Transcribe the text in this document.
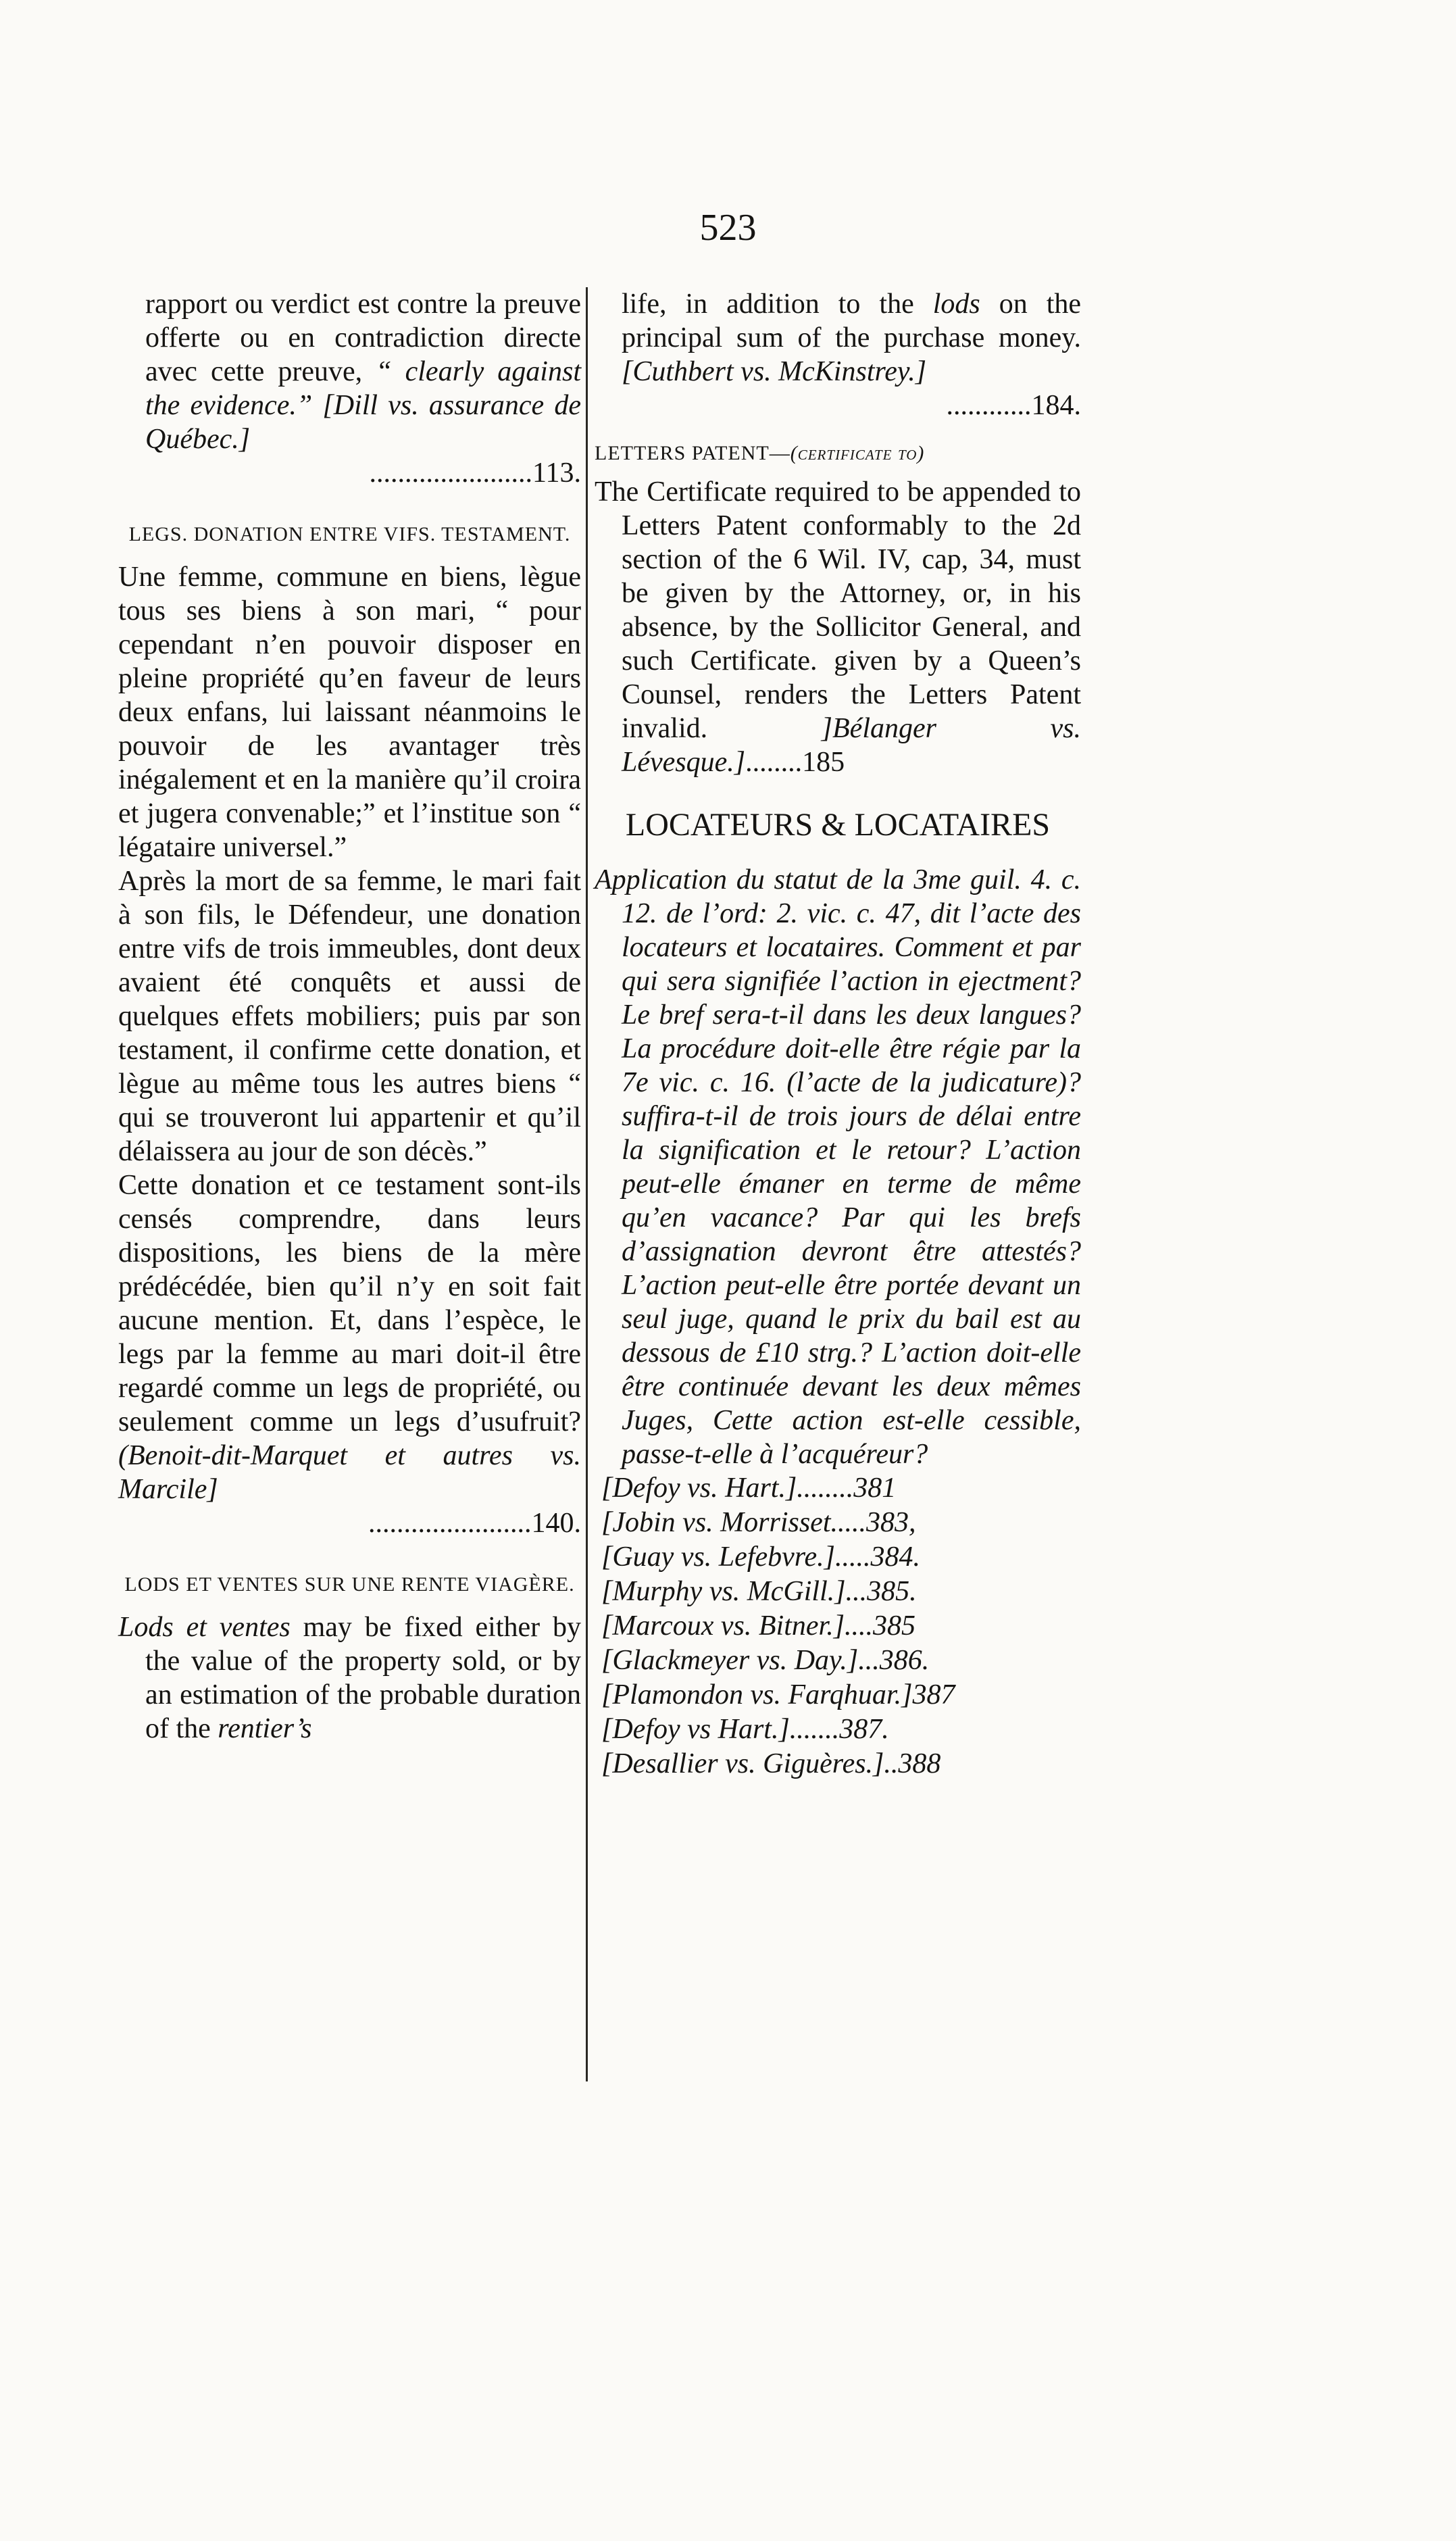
523

rapport ou verdict est contre la preuve offerte ou en contradiction directe avec cette preuve, “ clearly against the evidence.” [Dill vs. assurance de Québec.]

.......................113.
LEGS. DONATION ENTRE VIFS. TESTAMENT.

Une femme, commune en biens, lègue tous ses biens à son mari, “ pour cependant n’en pouvoir disposer en pleine propriété qu’en faveur de leurs deux enfans, lui laissant néanmoins le pouvoir de les avantager très inégalement et en la manière qu’il croira et jugera convenable;” et l’institue son “ légataire universel.”

Après la mort de sa femme, le mari fait à son fils, le Défendeur, une donation entre vifs de trois immeubles, dont deux avaient été conquêts et aussi de quelques effets mobiliers; puis par son testament, il confirme cette donation, et lègue au même tous les autres biens “ qui se trouveront lui appartenir et qu’il délaissera au jour de son décès.”

Cette donation et ce testament sont-ils censés comprendre, dans leurs dispositions, les biens de la mère prédécédée, bien qu’il n’y en soit fait aucune mention. Et, dans l’espèce, le legs par la femme au mari doit-il être regardé comme un legs de propriété, ou seulement comme un legs d’usufruit? (Benoit-dit-Marquet et autres vs. Marcile]

.......................140.
LODS ET VENTES SUR UNE RENTE VIAGÈRE.

Lods et ventes may be fixed either by the value of the property sold, or by an estimation of the probable duration of the rentier’s

life, in addition to the lods on the principal sum of the purchase money. [Cuthbert vs. McKinstrey.]

............184.
LETTERS PATENT—(certificate to)

The Certificate required to be appended to Letters Patent conformably to the 2d section of the 6 Wil. IV, cap, 34, must be given by the Attorney, or, in his absence, by the Sollicitor General, and such Certificate. given by a Queen’s Counsel, renders the Letters Patent invalid. ]Bélanger vs. Lévesque.]........185

LOCATEURS & LOCATAIRES

Application du statut de la 3me guil. 4. c. 12. de l’ord: 2. vic. c. 47, dit l’acte des locateurs et locataires. Comment et par qui sera signifiée l’action in ejectment? Le bref sera-t-il dans les deux langues? La procédure doit-elle être régie par la 7e vic. c. 16. (l’acte de la judicature)? suffira-t-il de trois jours de délai entre la signification et le retour? L’action peut-elle émaner en terme de même qu’en vacance? Par qui les brefs d’assignation devront être attestés? L’action peut-elle être portée devant un seul juge, quand le prix du bail est au dessous de £10 strg.? L’action doit-elle être continuée devant les deux mêmes Juges, Cette action est-elle cessible, passe-t-elle à l’acquéreur?

[Defoy vs. Hart.]........381
[Jobin vs. Morrisset.....383,
[Guay vs. Lefebvre.].....384.
[Murphy vs. McGill.]...385.
[Marcoux vs. Bitner.]....385
[Glackmeyer vs. Day.]...386.
[Plamondon vs. Farqhuar.]387
[Defoy vs Hart.].......387.
[Desallier vs. Giguères.]..388
